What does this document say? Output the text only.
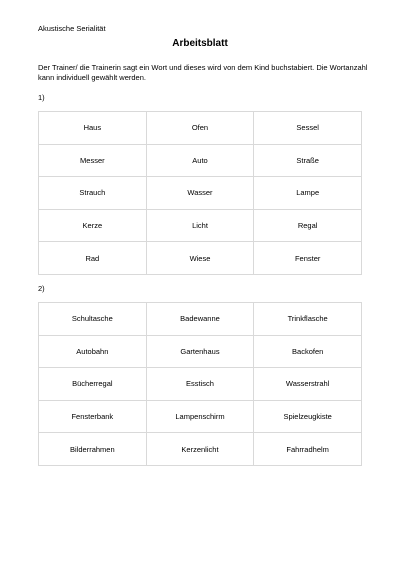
Akustische Serialität
Arbeitsblatt
Der Trainer/ die Trainerin sagt ein Wort und dieses wird von dem Kind buchstabiert. Die Wortanzahl kann individuell gewählt werden.
1)
Haus	Ofen	Sessel
Messer	Auto	Straße
Strauch	Wasser	Lampe
Kerze	Licht	Regal
Rad	Wiese	Fenster
2)
Schultasche	Badewanne	Trinkflasche
Autobahn	Gartenhaus	Backofen
Bücherregal	Esstisch	Wasserstrahl
Fensterbank	Lampenschirm	Spielzeugkiste
Bilderrahmen	Kerzenlicht	Fahrradhelm
